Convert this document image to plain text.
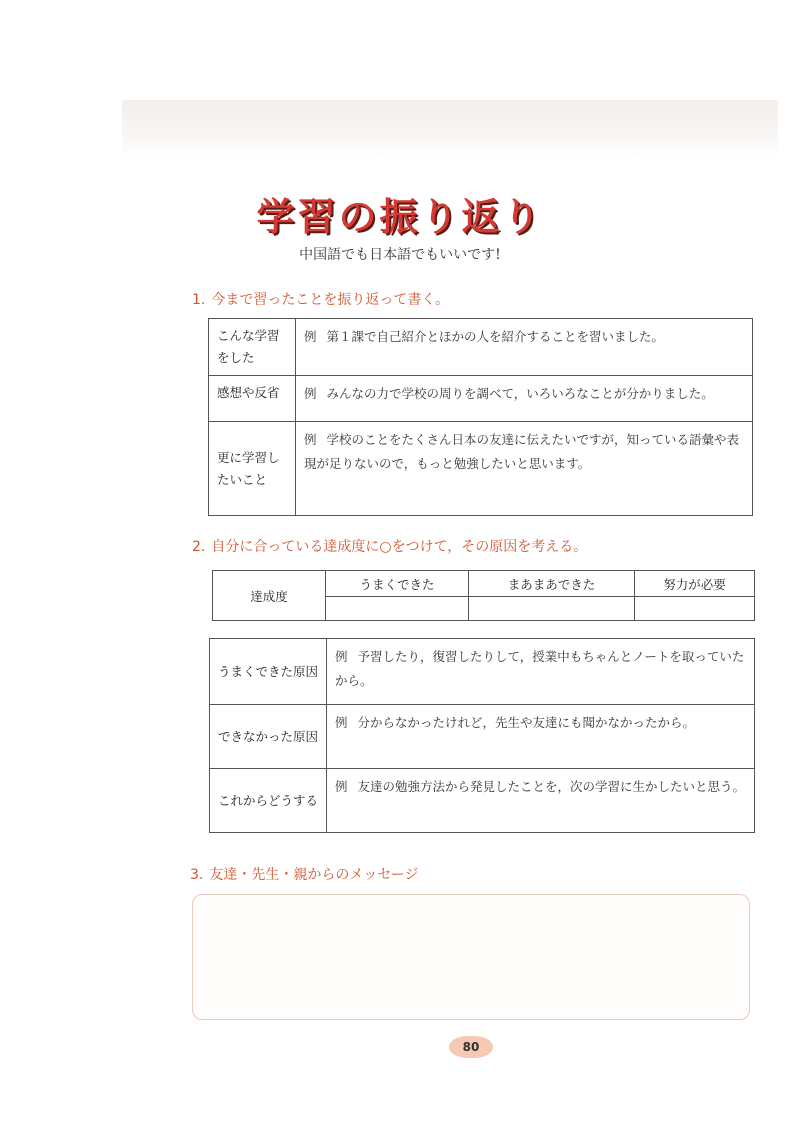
学習の振り返り
中国語でも日本語でもいいです!
1. 今まで習ったことを振り返って書く。
こんな学習をした	例 第１課で自己紹介とほかの人を紹介することを習いました。
感想や反省	例 みんなの力で学校の周りを調べて，いろいろなことが分かりました。
更に学習したいこと	例 学校のことをたくさん日本の友達に伝えたいですが，知っている語彙や表現が足りないので，もっと勉強したいと思います。
2. 自分に合っている達成度に○をつけて，その原因を考える。
達成度	うまくできた	まあまあできた	努力が必要

うまくできた原因	例 予習したり，復習したりして，授業中もちゃんとノートを取っていたから。
できなかった原因	例 分からなかったけれど，先生や友達にも聞かなかったから。
これからどうする	例 友達の勉強方法から発見したことを，次の学習に生かしたいと思う。
3. 友達・先生・親からのメッセージ
80
